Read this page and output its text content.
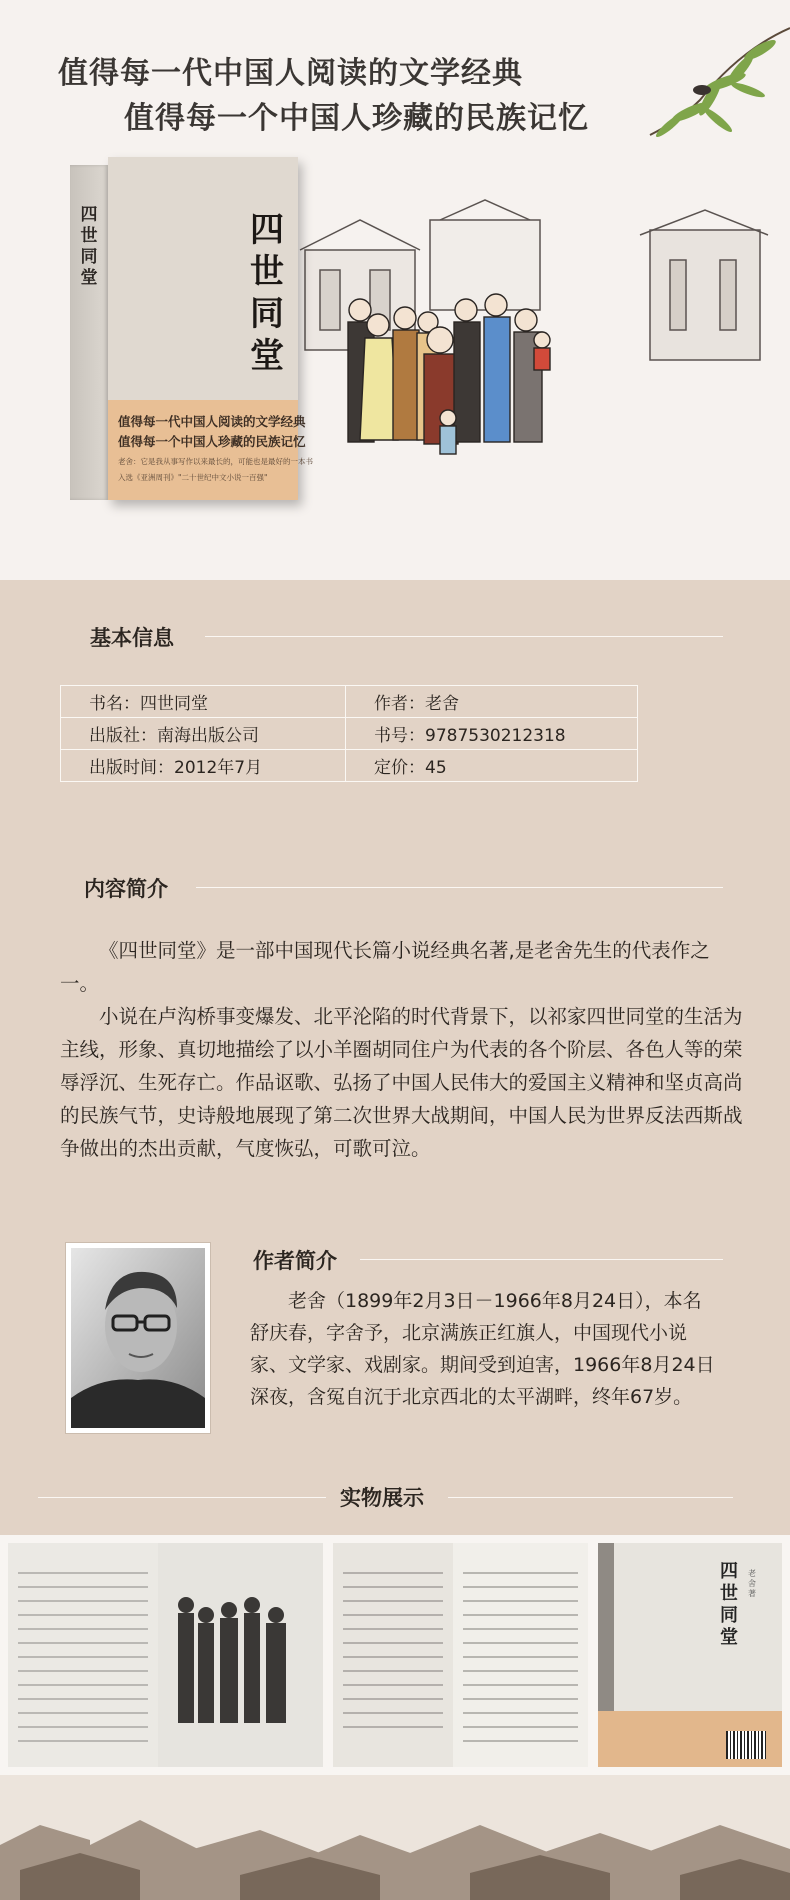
值得每一代中国人阅读的文学经典
值得每一个中国人珍藏的民族记忆
四世同堂
四世同堂
值得每一代中国人阅读的文学经典
值得每一个中国人珍藏的民族记忆
老舍：它是我从事写作以来最长的，可能也是最好的一本书
入选《亚洲周刊》"二十世纪中文小说一百强"
基本信息
书名：四世同堂	作者：老舍
出版社：南海出版公司	书号：9787530212318
出版时间：2012年7月	定价：45
内容简介
《四世同堂》是一部中国现代长篇小说经典名著,是老舍先生的代表作之一。
小说在卢沟桥事变爆发、北平沦陷的时代背景下，以祁家四世同堂的生活为主线，形象、真切地描绘了以小羊圈胡同住户为代表的各个阶层、各色人等的荣辱浮沉、生死存亡。作品讴歌、弘扬了中国人民伟大的爱国主义精神和坚贞高尚的民族气节，史诗般地展现了第二次世界大战期间，中国人民为世界反法西斯战争做出的杰出贡献，气度恢弘，可歌可泣。
作者简介
老舍（1899年2月3日－1966年8月24日），本名舒庆春，字舍予，北京满族正红旗人，中国现代小说家、文学家、戏剧家。期间受到迫害，1966年8月24日深夜，含冤自沉于北京西北的太平湖畔，终年67岁。
实物展示
四世同堂
老舍 著
